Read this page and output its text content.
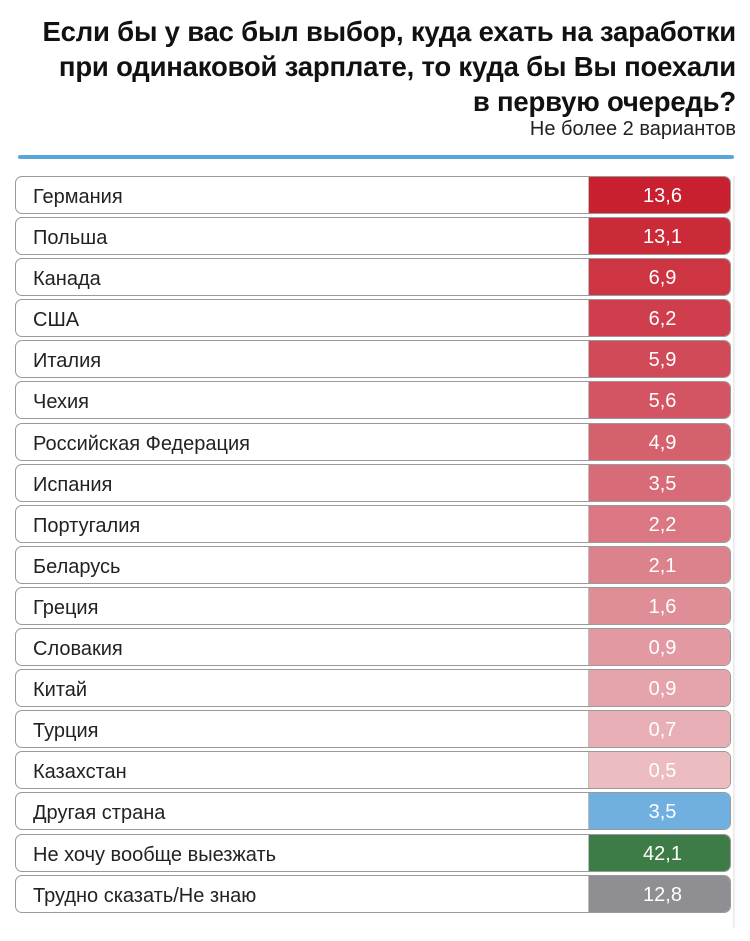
Если бы у вас был выбор, куда ехать на заработки
при одинаковой зарплате, то куда бы Вы поехали
в первую очередь?
Не более 2 вариантов
Германия	13,6
Польша	13,1
Канада	6,9
США	6,2
Италия	5,9
Чехия	5,6
Российская Федерация	4,9
Испания	3,5
Португалия	2,2
Беларусь	2,1
Греция	1,6
Словакия	0,9
Китай	0,9
Турция	0,7
Казахстан	0,5
Другая страна	3,5
Не хочу вообще выезжать	42,1
Трудно сказать/Не знаю	12,8
